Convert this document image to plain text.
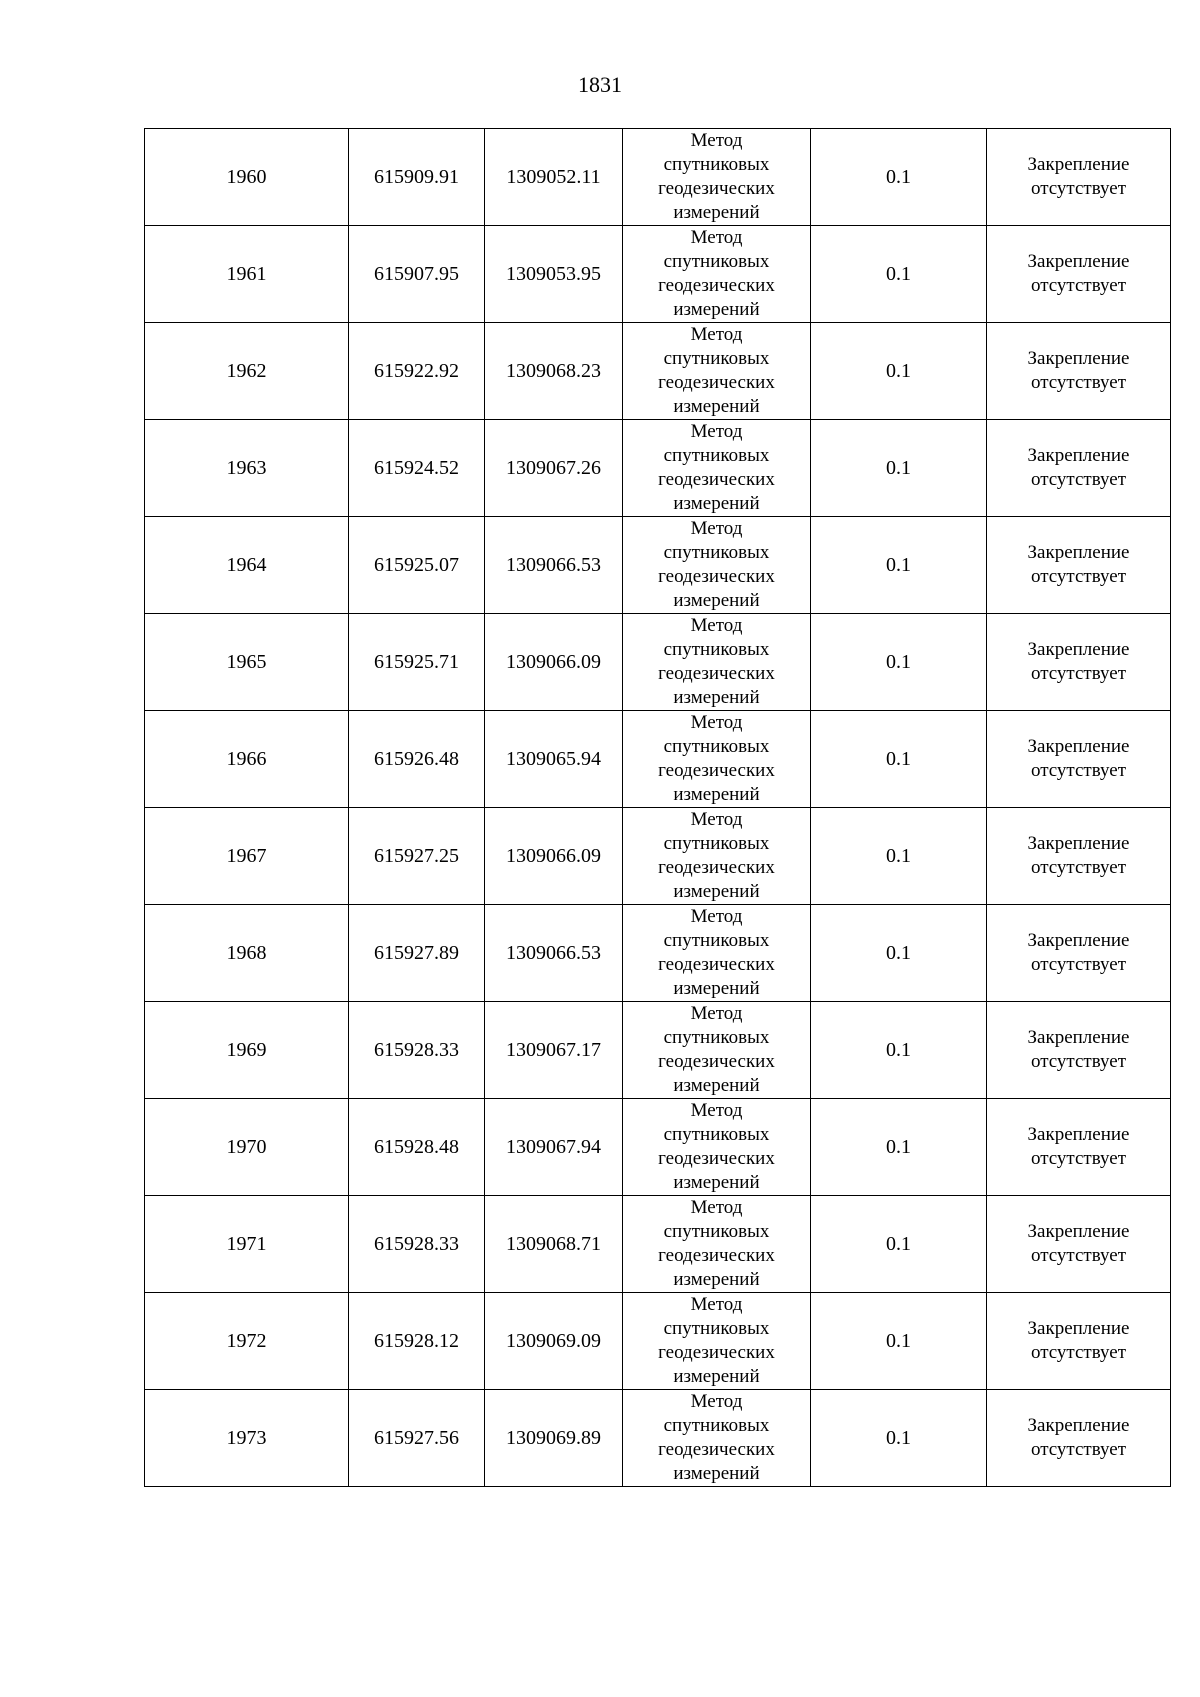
1831
1960	615909.91	1309052.11	Метод
спутниковых
геодезических
измерений	0.1	Закрепление
отсутствует

1961	615907.95	1309053.95	Метод
спутниковых
геодезических
измерений	0.1	Закрепление
отсутствует

1962	615922.92	1309068.23	Метод
спутниковых
геодезических
измерений	0.1	Закрепление
отсутствует

1963	615924.52	1309067.26	Метод
спутниковых
геодезических
измерений	0.1	Закрепление
отсутствует

1964	615925.07	1309066.53	Метод
спутниковых
геодезических
измерений	0.1	Закрепление
отсутствует

1965	615925.71	1309066.09	Метод
спутниковых
геодезических
измерений	0.1	Закрепление
отсутствует

1966	615926.48	1309065.94	Метод
спутниковых
геодезических
измерений	0.1	Закрепление
отсутствует

1967	615927.25	1309066.09	Метод
спутниковых
геодезических
измерений	0.1	Закрепление
отсутствует

1968	615927.89	1309066.53	Метод
спутниковых
геодезических
измерений	0.1	Закрепление
отсутствует

1969	615928.33	1309067.17	Метод
спутниковых
геодезических
измерений	0.1	Закрепление
отсутствует

1970	615928.48	1309067.94	Метод
спутниковых
геодезических
измерений	0.1	Закрепление
отсутствует

1971	615928.33	1309068.71	Метод
спутниковых
геодезических
измерений	0.1	Закрепление
отсутствует

1972	615928.12	1309069.09	Метод
спутниковых
геодезических
измерений	0.1	Закрепление
отсутствует

1973	615927.56	1309069.89	Метод
спутниковых
геодезических
измерений	0.1	Закрепление
отсутствует
